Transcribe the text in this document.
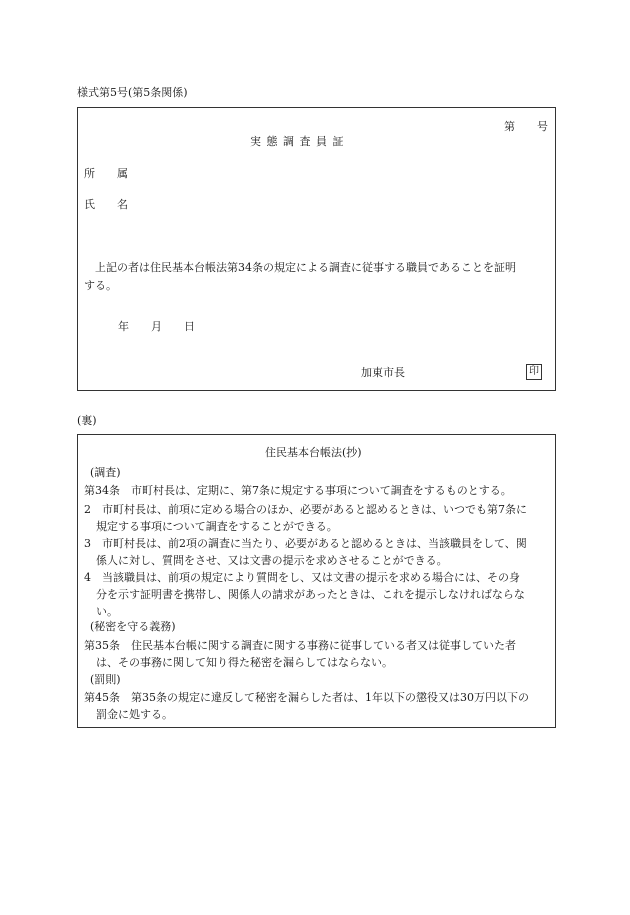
様式第5号(第5条関係)
第　　号
実 態 調 査 員 証
所　　属
氏　　名
上記の者は住民基本台帳法第34条の規定による調査に従事する職員であることを証明
する。
年　　月　　日
加東市長	印
(裏)
住民基本台帳法(抄)
(調査)
第34条　市町村長は、定期に、第7条に規定する事項について調査をするものとする。
2　市町村長は、前項に定める場合のほか、必要があると認めるときは、いつでも第7条に
規定する事項について調査をすることができる。
3　市町村長は、前2項の調査に当たり、必要があると認めるときは、当該職員をして、関
係人に対し、質問をさせ、又は文書の提示を求めさせることができる。
4　当該職員は、前項の規定により質問をし、又は文書の提示を求める場合には、その身
分を示す証明書を携帯し、関係人の請求があったときは、これを提示しなければならな
い。
(秘密を守る義務)
第35条　住民基本台帳に関する調査に関する事務に従事している者又は従事していた者
は、その事務に関して知り得た秘密を漏らしてはならない。
(罰則)
第45条　第35条の規定に違反して秘密を漏らした者は、1年以下の懲役又は30万円以下の
罰金に処する。
